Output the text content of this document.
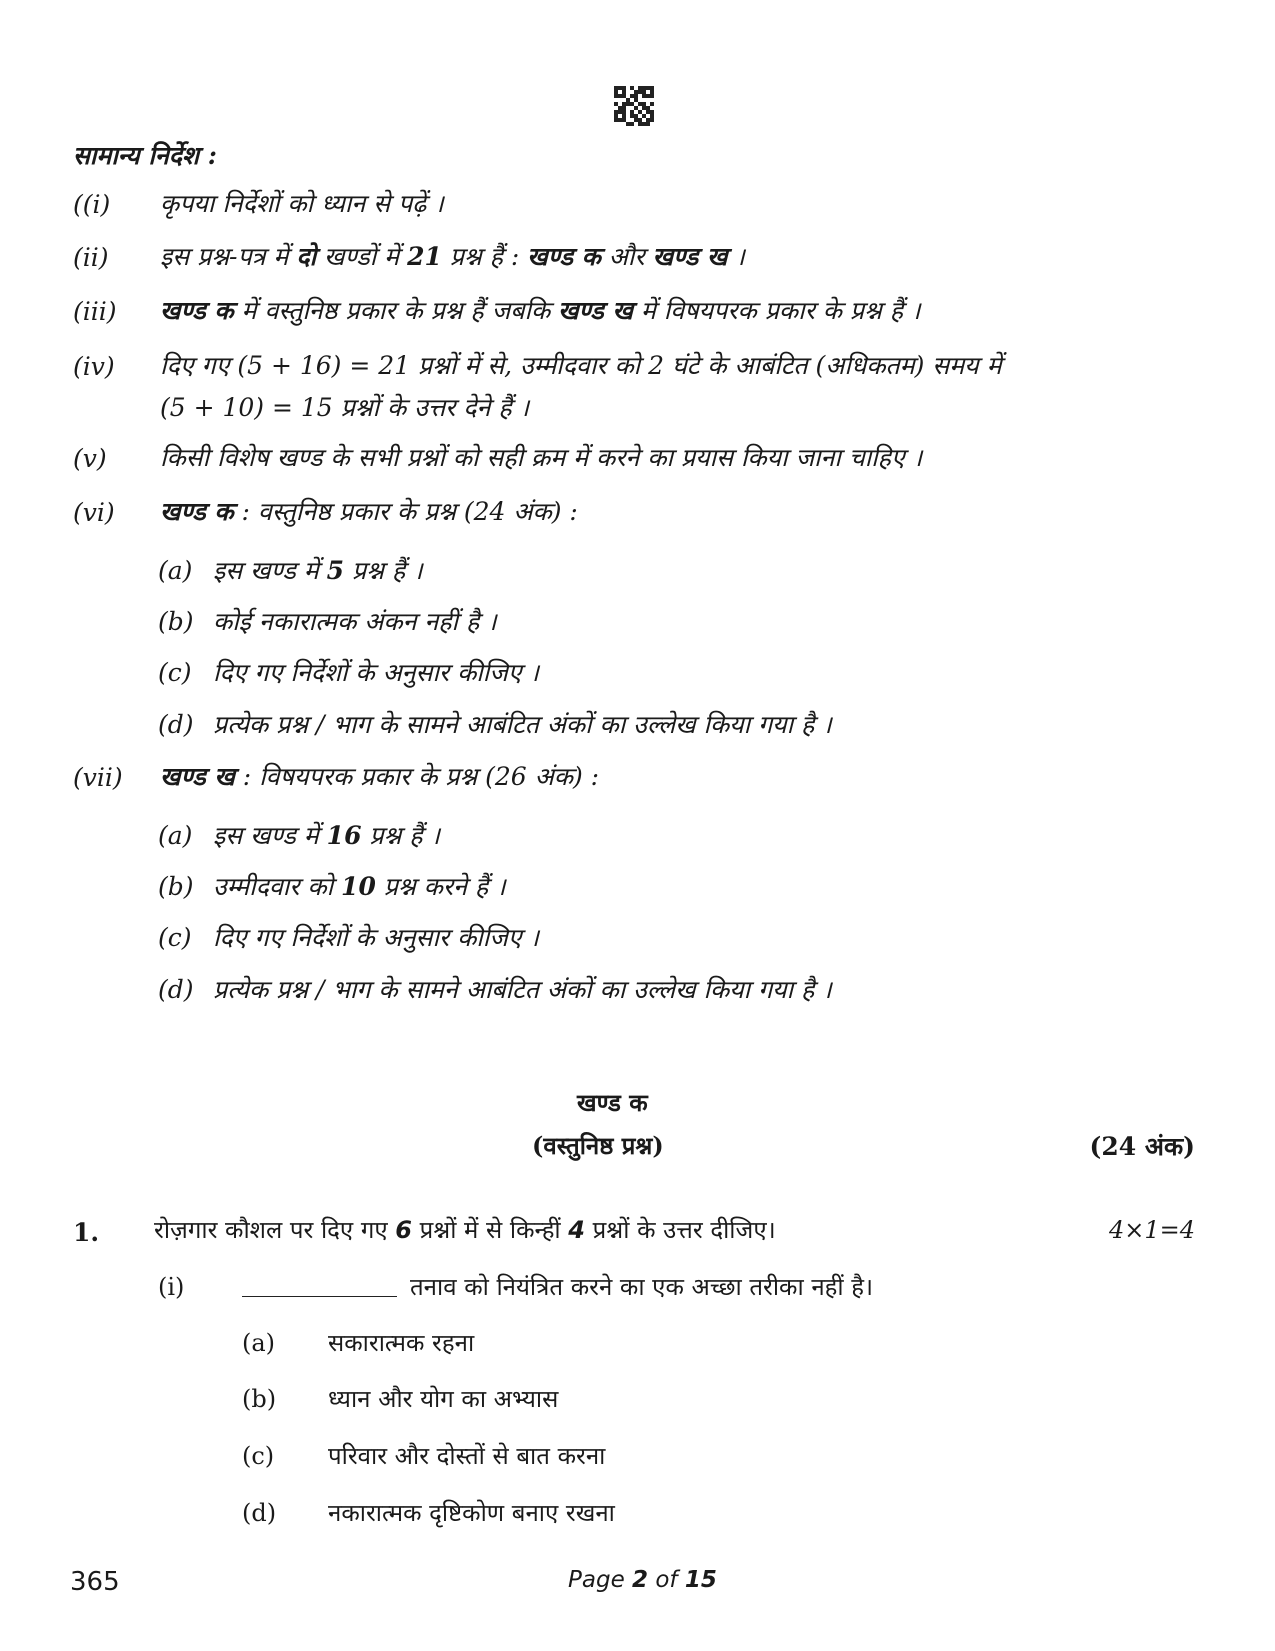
सामान्य निर्देश :
((i) कृपया निर्देशों को ध्यान से पढ़ें ।
(ii) इस प्रश्न-पत्र में दो खण्डों में 21 प्रश्न हैं : खण्ड क और खण्ड ख ।
(iii) खण्ड क में वस्तुनिष्ठ प्रकार के प्रश्न हैं जबकि खण्ड ख में विषयपरक प्रकार के प्रश्न हैं ।
(iv) दिए गए (5 + 16) = 21 प्रश्नों में से, उम्मीदवार को 2 घंटे के आबंटित (अधिकतम) समय में
(5 + 10) = 15 प्रश्नों के उत्तर देने हैं ।
(v) किसी विशेष खण्ड के सभी प्रश्नों को सही क्रम में करने का प्रयास किया जाना चाहिए ।
(vi) खण्ड क : वस्तुनिष्ठ प्रकार के प्रश्न (24 अंक) :
(a) इस खण्ड में 5 प्रश्न हैं ।
(b) कोई नकारात्मक अंकन नहीं है ।
(c) दिए गए निर्देशों के अनुसार कीजिए ।
(d) प्रत्येक प्रश्न / भाग के सामने आबंटित अंकों का उल्लेख किया गया है ।
(vii) खण्ड ख : विषयपरक प्रकार के प्रश्न (26 अंक) :
(a) इस खण्ड में 16 प्रश्न हैं ।
(b) उम्मीदवार को 10 प्रश्न करने हैं ।
(c) दिए गए निर्देशों के अनुसार कीजिए ।
(d) प्रत्येक प्रश्न / भाग के सामने आबंटित अंकों का उल्लेख किया गया है ।
खण्ड क
(वस्तुनिष्ठ प्रश्न)	(24 अंक)
1. रोज़गार कौशल पर दिए गए 6 प्रश्नों में से किन्हीं 4 प्रश्नों के उत्तर दीजिए।	4×1=4
(i)	तनाव को नियंत्रित करने का एक अच्छा तरीका नहीं है।
(a) सकारात्मक रहना
(b) ध्यान और योग का अभ्यास
(c) परिवार और दोस्तों से बात करना
(d) नकारात्मक दृष्टिकोण बनाए रखना
365	Page 2 of 15
